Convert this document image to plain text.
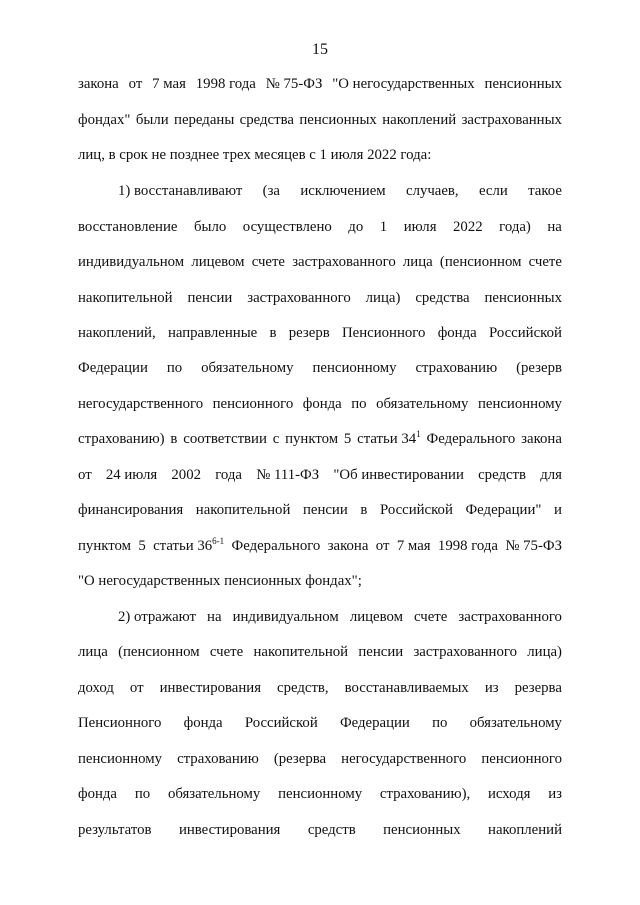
15
закона от 7 мая 1998 года № 75-ФЗ "О негосударственных пенсионных
фондах" были переданы средства пенсионных накоплений застрахованных
лиц, в срок не позднее трех месяцев с 1 июля 2022 года:
1) восстанавливают (за исключением случаев, если такое
восстановление было осуществлено до 1 июля 2022 года) на
индивидуальном лицевом счете застрахованного лица (пенсионном счете
накопительной пенсии застрахованного лица) средства пенсионных
накоплений, направленные в резерв Пенсионного фонда Российской
Федерации по обязательному пенсионному страхованию (резерв
негосударственного пенсионного фонда по обязательному пенсионному
страхованию) в соответствии с пунктом 5 статьи $34^1$ Федерального закона
от 24 июля 2002 года № 111-ФЗ "Об инвестировании средств для
финансирования накопительной пенсии в Российской Федерации" и
пунктом 5 статьи 36$^{6-1}$ Федерального закона от 7 мая 1998 года № 75-ФЗ
"О негосударственных пенсионных фондах";
2) отражают на индивидуальном лицевом счете застрахованного
лица (пенсионном счете накопительной пенсии застрахованного лица)
доход от инвестирования средств, восстанавливаемых из резерва
Пенсионного фонда Российской Федерации по обязательному
пенсионному страхованию (резерва негосударственного пенсионного
фонда по обязательному пенсионному страхованию), исходя из
результатов инвестирования средств пенсионных накоплений
